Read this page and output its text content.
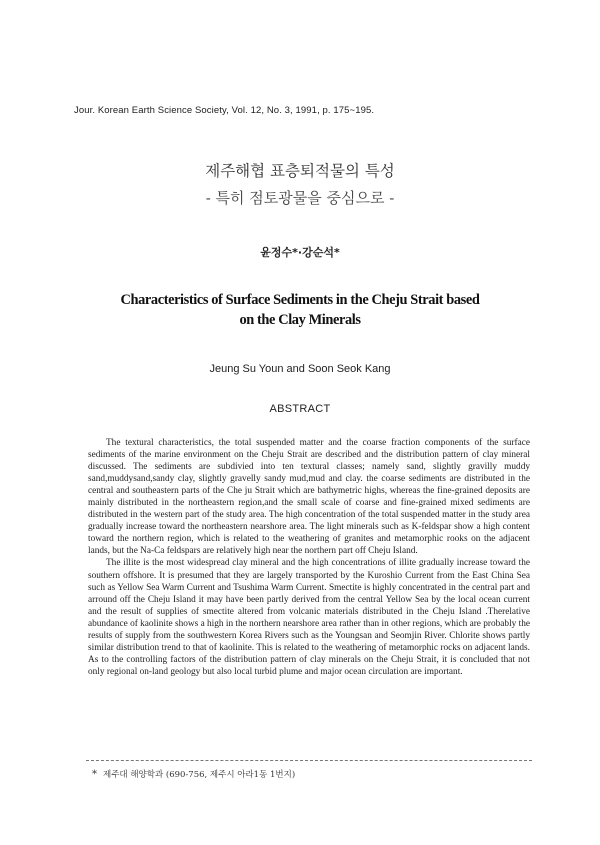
Jour. Korean Earth Science Society, Vol. 12, No. 3, 1991, p. 175~195.
제주해협 표층퇴적물의 특성
- 특히 점토광물을 중심으로 -
윤정수*·강순석*
Characteristics of Surface Sediments in the Cheju Strait based
on the Clay Minerals
Jeung Su Youn and Soon Seok Kang
ABSTRACT

The textural characteristics, the total suspended matter and the coarse fraction components of the surface sediments of the marine environment on the Cheju Strait are described and the distribution pattern of clay mineral discussed. The sediments are subdivied into ten textural classes; namely sand, slightly gravilly muddy sand,muddysand,sandy clay, slightly gravelly sandy mud,mud and clay. the coarse sediments are distributed in the central and southeastern parts of the Che ju Strait which are bathymetric highs, whereas the fine-grained deposits are mainly distributed in the northeastern region,and the small scale of coarse and fine-grained mixed sediments are distributed in the western part of the study area. The high concentration of the total suspended matter in the study area gradually increase toward the northeastern nearshore area. The light minerals such as K-feldspar show a high content toward the northern region, which is related to the weathering of granites and metamorphic rooks on the adjacent lands, but the Na-Ca feldspars are relatively high near the northern part off Cheju Island.

The illite is the most widespread clay mineral and the high concentrations of illite gradually increase toward the southern offshore. It is presumed that they are largely transported by the Kuroshio Current from the East China Sea such as Yellow Sea Warm Current and Tsushima Warm Current. Smectite is highly concentrated in the central part and arround off the Cheju Island it may have been partly derived from the central Yellow Sea by the local ocean current and the result of supplies of smectite altered from volcanic materials distributed in the Cheju Island .Therelative abundance of kaolinite shows a high in the northern nearshore area rather than in other regions, which are probably the results of supply from the southwestern Korea Rivers such as the Youngsan and Seomjin River. Chlorite shows partly similar distribution trend to that of kaolinite. This is related to the weathering of metamorphic rocks on adjacent lands. As to the controlling factors of the distribution pattern of clay minerals on the Cheju Strait, it is concluded that not only regional on-land geology but also local turbid plume and major ocean circulation are important.

* 제주대 해양학과 (690-756, 제주시 아라1동 1번지)
